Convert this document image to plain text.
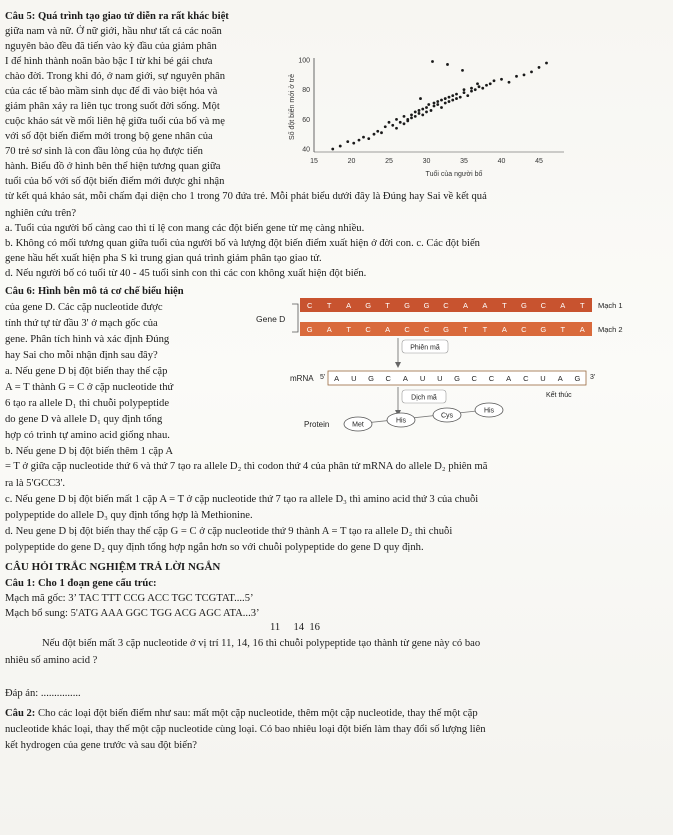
Câu 5: Quá trình tạo giao tử diễn ra rất khác biệt
giữa nam và nữ. Ở nữ giới, hầu như tất cả các noãn
nguyên bào đều đã tiến vào kỳ đầu của giảm phân
I để hình thành noãn bào bậc I từ khi bé gái chưa
chào đời. Trong khi đó, ở nam giới, sự nguyên phân
của các tế bào mầm sinh dục để đi vào biệt hóa và
giảm phân xảy ra liên tục trong suốt đời sống. Một
cuộc khảo sát về mối liên hệ giữa tuổi của bố và mẹ
với số đột biến điểm mới trong bộ gene nhân của
70 trẻ sơ sinh là con đầu lòng của họ được tiến
hành. Biểu đồ ở hình bên thể hiện tương quan giữa
tuổi của bố với số đột biến điểm mới được ghi nhận
từ kết quả khảo sát, mỗi chấm đại diện cho 1 trong 70 đứa trẻ. Mỗi phát biểu dưới đây là Đúng hay Sai về kết quả
nghiên cứu trên?
a. Tuổi của người bố càng cao thì tỉ lệ con mang các đột biến gene từ mẹ càng nhiều.
b. Không có mối tương quan giữa tuổi của người bố và lượng đột biến điểm xuất hiện ở đời con. c. Các đột biến
gene hầu hết xuất hiện pha S kì trung gian quá trình giảm phân tạo giao tử.
d. Nếu người bố có tuổi từ 40 - 45 tuổi sinh con thì các con không xuất hiện đột biến.
40
60
80
100
15	20	25	30	35	40	45
Tuổi của người bố
Số đột biến mới ở trẻ
Câu 6: Hình bên mô tả cơ chế biểu hiện
của gene D. Các cặp nucleotide được
tính thứ tự từ đầu 3' ở mạch gốc của
gene. Phân tích hình và xác định Đúng
hay Sai cho mỗi nhận định sau đây?
a. Nếu gene D bị đột biến thay thế cặp
A = T thành G = C ở cặp nucleotide thứ
6 tạo ra allele D₁ thì chuỗi polypeptide
do gene D và allele D₁ quy định tổng
hợp có trình tự amino acid giống nhau.
b. Nếu gene D bị đột biến thêm 1 cặp A
= T ở giữa cặp nucleotide thứ 6 và thứ 7 tạo ra allele D₂ thì codon thứ 4 của phân tử mRNA do allele D₂ phiên mã
ra là 5'GCC3'.
c. Nếu gene D bị đột biến mất 1 cặp A = T ở cặp nucleotide thứ 7 tạo ra allele D₃ thì amino acid thứ 3 của chuỗi
polypeptide do allele D₃ quy định tổng hợp là Methionine.
d. Neu gene D bị đột biến thay thế cặp G = C ở cặp nucleotide thứ 9 thành A = T tạo ra allele D₂ thì chuỗi
polypeptide do gene D₂ quy định tổng hợp ngắn hơn so với chuỗi polypeptide do gene D quy định.
Gene D
C T A G T G G C A A T G C A T
G A T C A C C G T T A C G T A
Mạch 1
Mạch 2
Phiên mã
mRNA 5' A U G C A U U G C C A C U A G 3'
Kết thúc
Dịch mã
Protein	Met
His
Cys
His
CÂU HỎI TRẮC NGHIỆM TRẢ LỜI NGẮN
Câu 1: Cho 1 đoạn gene cấu trúc:
Mạch mã gốc: 3’ TAC TTT CCG ACC TGC TCGTAT....5’
Mạch bổ sung: 5'ATG AAA GGC TGG ACG AGC ATA...3’
11     14  16
Nếu đột biến mất 3 cặp nucleotide ở vị trí 11, 14, 16 thì chuỗi polypeptide tạo thành từ gene này có bao
nhiêu số amino acid ?
Đáp án: ...............
Câu 2: Cho các loại đột biến điểm như sau: mất một cặp nucleotide, thêm một cặp nucleotide, thay thế một cặp
nucleotide khác loại, thay thế một cặp nucleotide cùng loại. Có bao nhiêu loại đột biến làm thay đổi số lượng liên
kết hydrogen của gene trước và sau đột biến?
